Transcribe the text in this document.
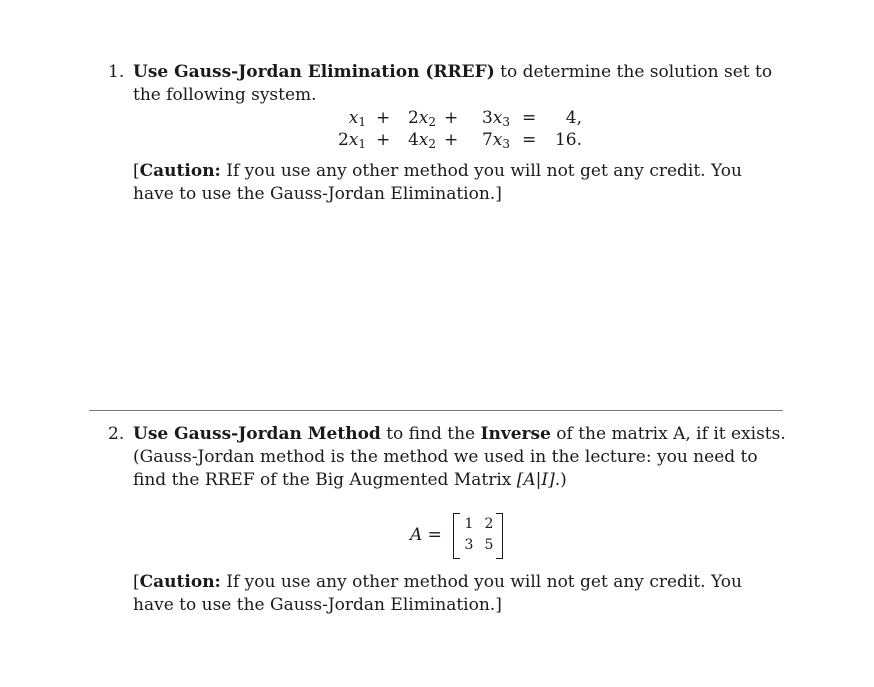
1. Use Gauss-Jordan Elimination (RREF) to determine the solution set to the following system.
$x_1$ +	$2x_2$ +	$3x_3$ =	4,
$2x_1$ +	$4x_2$ +	$7x_3$ =	16.
[Caution: If you use any other method you will not get any credit. You have to use the Gauss-Jordan Elimination.]
2. Use Gauss-Jordan Method to find the Inverse of the matrix A, if it exists. (Gauss-Jordan method is the method we used in the lecture: you need to find the RREF of the Big Augmented Matrix [A|I].)
A =
1 2
3 5
[Caution: If you use any other method you will not get any credit. You have to use the Gauss-Jordan Elimination.]
